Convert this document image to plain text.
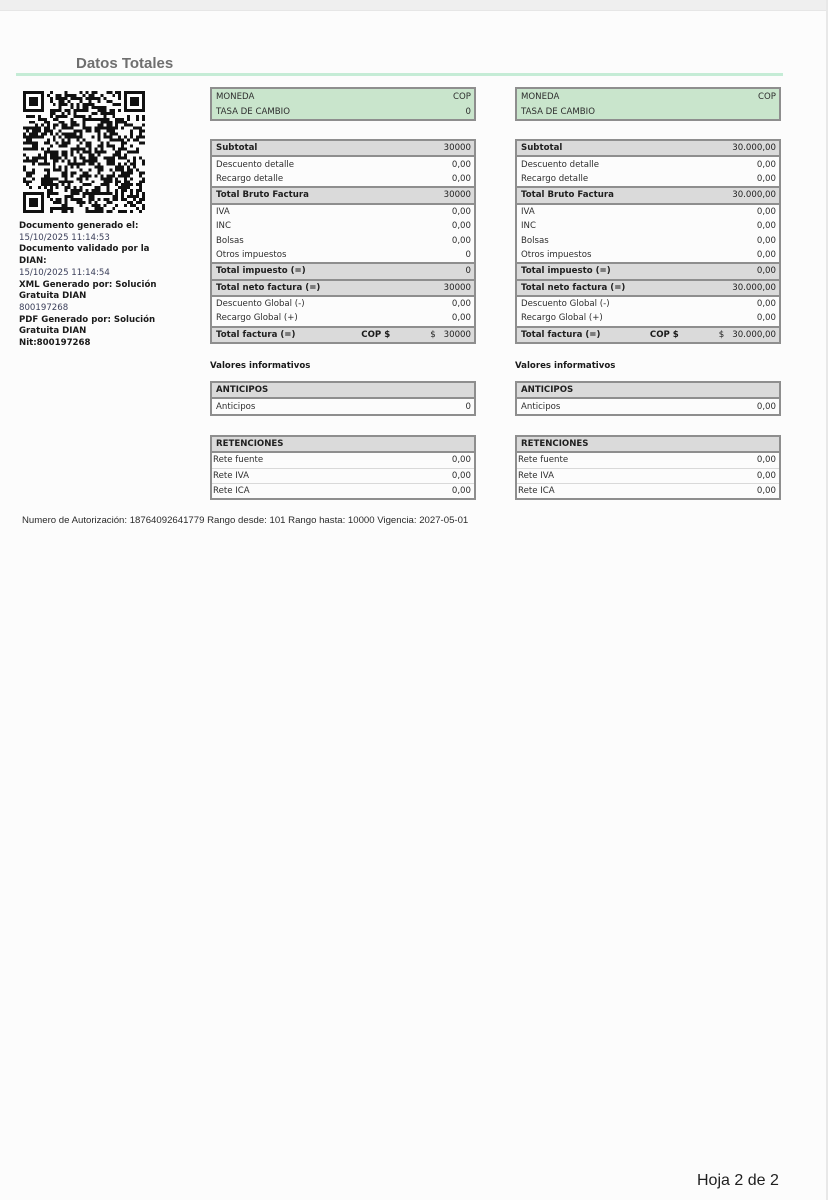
Datos Totales
Documento generado el:
15/10/2025 11:14:53
Documento validado por la DIAN:
15/10/2025 11:14:54
XML Generado por: Solución Gratuita DIAN
800197268
PDF Generado por: Solución Gratuita DIAN
Nit:800197268
MONEDA	COP
TASA DE CAMBIO	0
Subtotal	30000
Descuento detalle	0,00
Recargo detalle	0,00
Total Bruto Factura	30000
IVA	0,00
INC	0,00
Bolsas	0,00
Otros impuestos	0
Total impuesto (=)	0
Total neto factura (=)	30000
Descuento Global (-)	0,00
Recargo Global (+)	0,00
Total factura (=)	COP $	$ 30000
Valores informativos
ANTICIPOS
Anticipos	0
RETENCIONES
Rete fuente	0,00
Rete IVA	0,00
Rete ICA	0,00
MONEDA	COP
TASA DE CAMBIO
Subtotal	30.000,00
Descuento detalle	0,00
Recargo detalle	0,00
Total Bruto Factura	30.000,00
IVA	0,00
INC	0,00
Bolsas	0,00
Otros impuestos	0,00
Total impuesto (=)	0,00
Total neto factura (=)	30.000,00
Descuento Global (-)	0,00
Recargo Global (+)	0,00
Total factura (=)	COP $	$ 30.000,00
Valores informativos
ANTICIPOS
Anticipos	0,00
RETENCIONES
Rete fuente	0,00
Rete IVA	0,00
Rete ICA	0,00
Numero de Autorización: 18764092641779 Rango desde: 101 Rango hasta: 10000 Vigencia: 2027-05-01
Hoja 2 de 2
